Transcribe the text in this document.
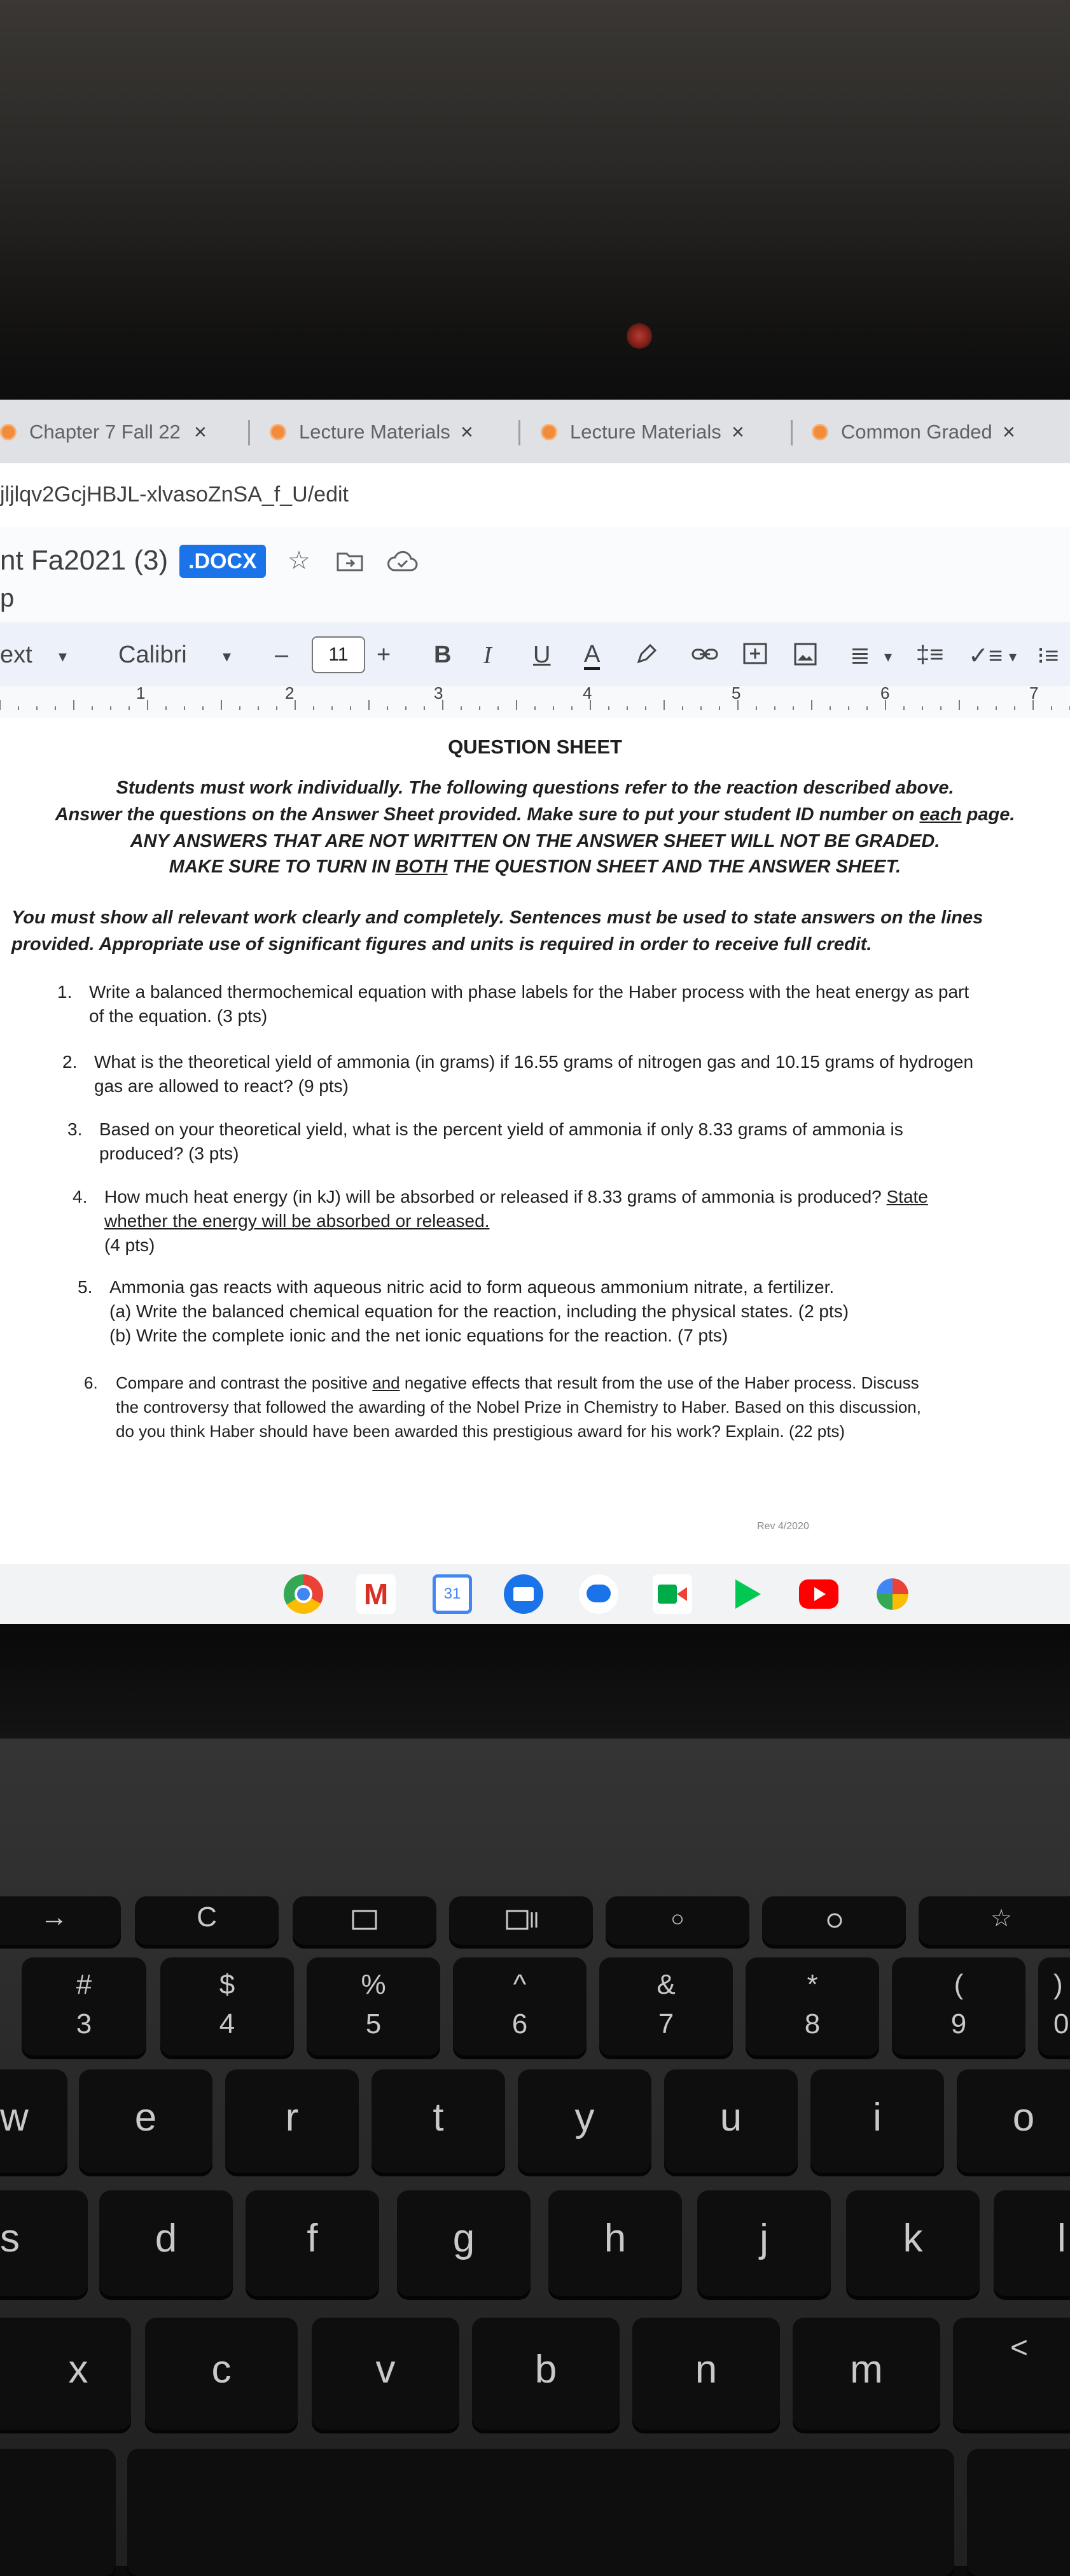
Chapter 7 Fall 22 ×	Lecture Materials ×	Lecture Materials ×	Common Graded ×
jljlqv2GcjHBJL-xlvasoZnSA_f_U/edit
nt Fa2021 (3) .DOCX	☆
p
ext ▾ Calibri ▾ –	11	+ B I U A	≣ ▾ ‡≡ ✓≡ ▾ ⁝≡
1	2	3	4	5	6	7
QUESTION SHEET
Students must work individually. The following questions refer to the reaction described above.
Answer the questions on the Answer Sheet provided. Make sure to put your student ID number on each page.
ANY ANSWERS THAT ARE NOT WRITTEN ON THE ANSWER SHEET WILL NOT BE GRADED.
MAKE SURE TO TURN IN BOTH THE QUESTION SHEET AND THE ANSWER SHEET.
You must show all relevant work clearly and completely. Sentences must be used to state answers on the lines
provided. Appropriate use of significant figures and units is required in order to receive full credit.
1. Write a balanced thermochemical equation with phase labels for the Haber process with the heat energy as part
of the equation. (3 pts)
2. What is the theoretical yield of ammonia (in grams) if 16.55 grams of nitrogen gas and 10.15 grams of hydrogen
gas are allowed to react? (9 pts)
3. Based on your theoretical yield, what is the percent yield of ammonia if only 8.33 grams of ammonia is
produced? (3 pts)
4. How much heat energy (in kJ) will be absorbed or released if 8.33 grams of ammonia is produced? State
whether the energy will be absorbed or released.
(4 pts)
5. Ammonia gas reacts with aqueous nitric acid to form aqueous ammonium nitrate, a fertilizer.
(a) Write the balanced chemical equation for the reaction, including the physical states. (2 pts)
(b) Write the complete ionic and the net ionic equations for the reaction. (7 pts)
6. Compare and contrast the positive and negative effects that result from the use of the Haber process. Discuss
the controversy that followed the awarding of the Nobel Prize in Chemistry to Haber. Based on this discussion,
do you think Haber should have been awarded this prestigious award for his work? Explain. (22 pts)
Rev 4/2020
M	31
→	C	○	☆
#
3
$
4
%
5
^
6
&
7
*
8
(
9
)
0
w	e	r	t	y	u	i	o
s	d	f	g	h	j	k	l
x	c	v	b	n	m	<
